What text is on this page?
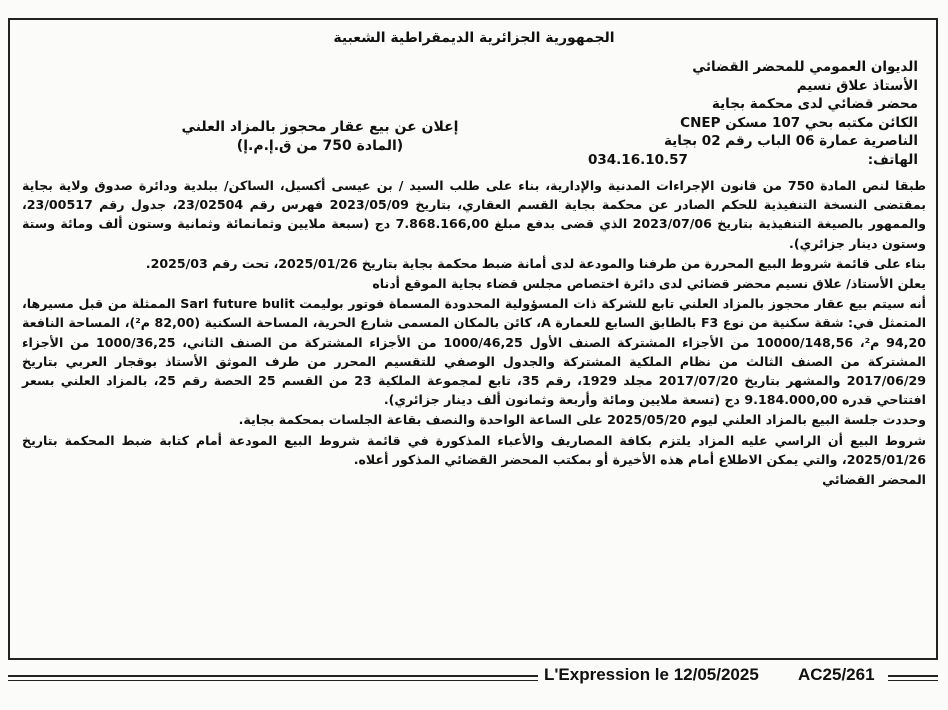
الجمهورية الجزائرية الديمقراطية الشعبية
الديوان العمومي للمحضر القضائي
الأستاذ علاق نسيم
محضر قضائي لدى محكمة بجاية
الكائن مكتبه بحي 107 مسكن CNEP
الناصرية عمارة 06 الباب رقم 02 بجاية
الهاتف:
034.16.10.57
إعلان عن بيع عقار محجوز بالمزاد العلني
(المادة 750 من ق.إ.م.إ)

طبقا لنص المادة 750 من قانون الإجراءات المدنية والإدارية، بناء على طلب السيد / بن عيسى أكسيل، الساكن/ ببلدية ودائرة صدوق ولاية بجاية بمقتضى النسخة التنفيذية للحكم الصادر عن محكمة بجاية القسم العقاري، بتاريخ 2023/05/09 فهرس رقم 23/02504، جدول رقم 23/00517، والممهور بالصيغة التنفيذية بتاريخ 2023/07/06 الذي قضى بدفع مبلغ 7.868.166,00 دج (سبعة ملايين وثمانمائة وثمانية وستون ألف ومائة وستة وستون دينار جزائري).

بناء على قائمة شروط البيع المحررة من طرفنا والمودعة لدى أمانة ضبط محكمة بجاية بتاريخ 2025/01/26، تحت رقم 2025/03.

يعلن الأستاذ/ علاق نسيم محضر قضائي لدى دائرة اختصاص مجلس قضاء بجاية الموقع أدناه

أنه سيتم بيع عقار محجوز بالمزاد العلني تابع للشركة ذات المسؤولية المحدودة المسماة فوتور بوليمت Sarl future bulit الممثلة من قبل مسيرها، المتمثل في: شقة سكنية من نوع F3 بالطابق السابع للعمارة A، كائن بالمكان المسمى شارع الحرية، المساحة السكنية (82,00 م²)، المساحة النافعة 94,20 م²، 10000/148,56 من الأجزاء المشتركة الصنف الأول 1000/46,25 من الأجزاء المشتركة من الصنف الثاني، 1000/36,25 من الأجزاء المشتركة من الصنف الثالث من نظام الملكية المشتركة والجدول الوصفي للتقسيم المحرر من طرف الموثق الأستاذ بوقجار العربي بتاريخ 2017/06/29 والمشهر بتاريخ 2017/07/20 مجلد 1929، رقم 35، تابع لمجموعة الملكية 23 من القسم 25 الحصة رقم 25، بالمزاد العلني بسعر افتتاحي قدره 9.184.000,00 دج (تسعة ملايين ومائة وأربعة وثمانون ألف دينار جزائري).

وحددت جلسة البيع بالمزاد العلني ليوم 2025/05/20 على الساعة الواحدة والنصف بقاعة الجلسات بمحكمة بجاية.

شروط البيع أن الراسي عليه المزاد يلتزم بكافة المصاريف والأعباء المذكورة في قائمة شروط البيع المودعة أمام كتابة ضبط المحكمة بتاريخ 2025/01/26، والتي يمكن الاطلاع أمام هذه الأخيرة أو بمكتب المحضر القضائي المذكور أعلاه.

المحضر القضائي

L'Expression le 12/05/2025 AC25/261
